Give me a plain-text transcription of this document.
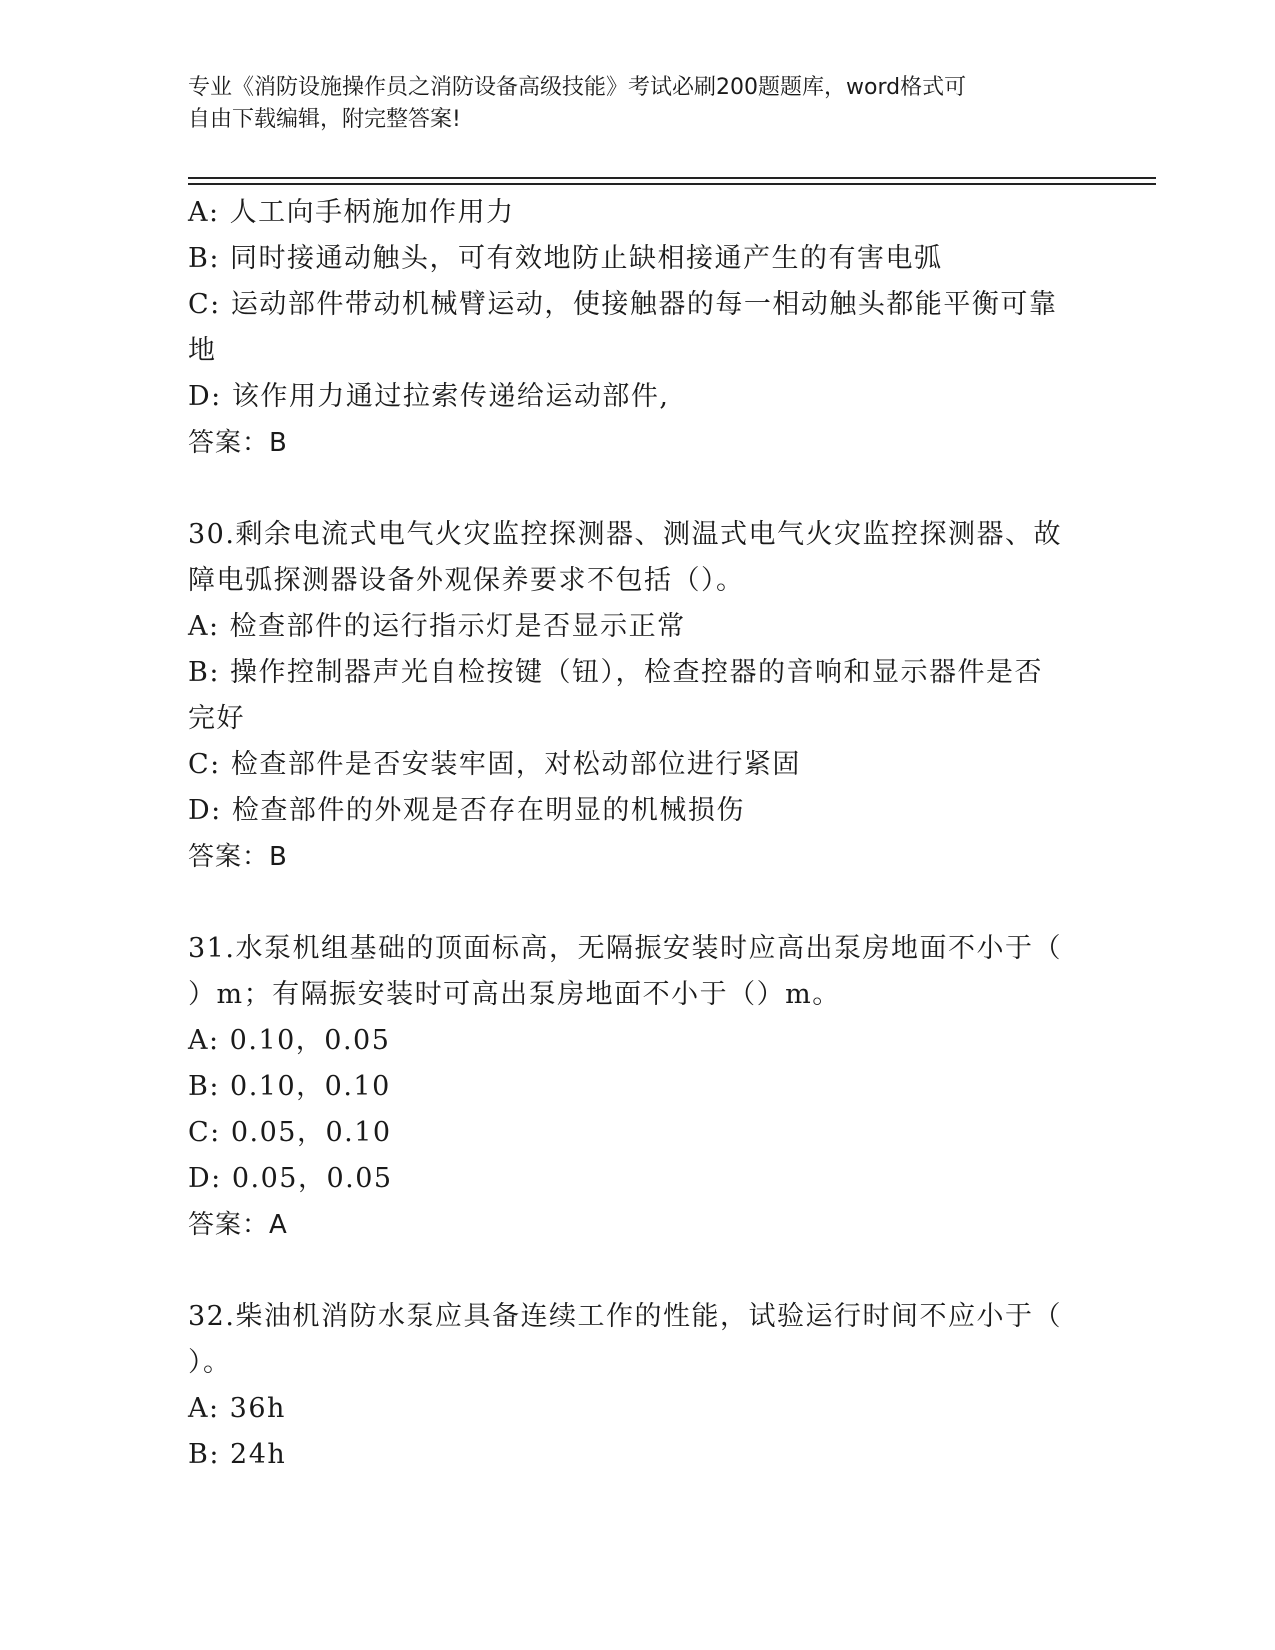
专业《消防设施操作员之消防设备高级技能》考试必刷200题题库，word格式可
自由下载编辑，附完整答案!

A: 人工向手柄施加作用力

B: 同时接通动触头，可有效地防止缺相接通产生的有害电弧

C: 运动部件带动机械臂运动，使接触器的每一相动触头都能平衡可靠

地

D: 该作用力通过拉索传递给运动部件,

答案：B

30.剩余电流式电气火灾监控探测器、测温式电气火灾监控探测器、故

障电弧探测器设备外观保养要求不包括（）。

A: 检查部件的运行指示灯是否显示正常

B: 操作控制器声光自检按键（钮），检查控器的音响和显示器件是否

完好

C: 检查部件是否安装牢固，对松动部位进行紧固

D: 检查部件的外观是否存在明显的机械损伤

答案：B

31.水泵机组基础的顶面标高，无隔振安装时应高出泵房地面不小于（

）m；有隔振安装时可高出泵房地面不小于（）m。

A: 0.10，0.05

B: 0.10，0.10

C: 0.05，0.10

D: 0.05，0.05

答案：A

32.柴油机消防水泵应具备连续工作的性能，试验运行时间不应小于（

）。

A: 36h

B: 24h
